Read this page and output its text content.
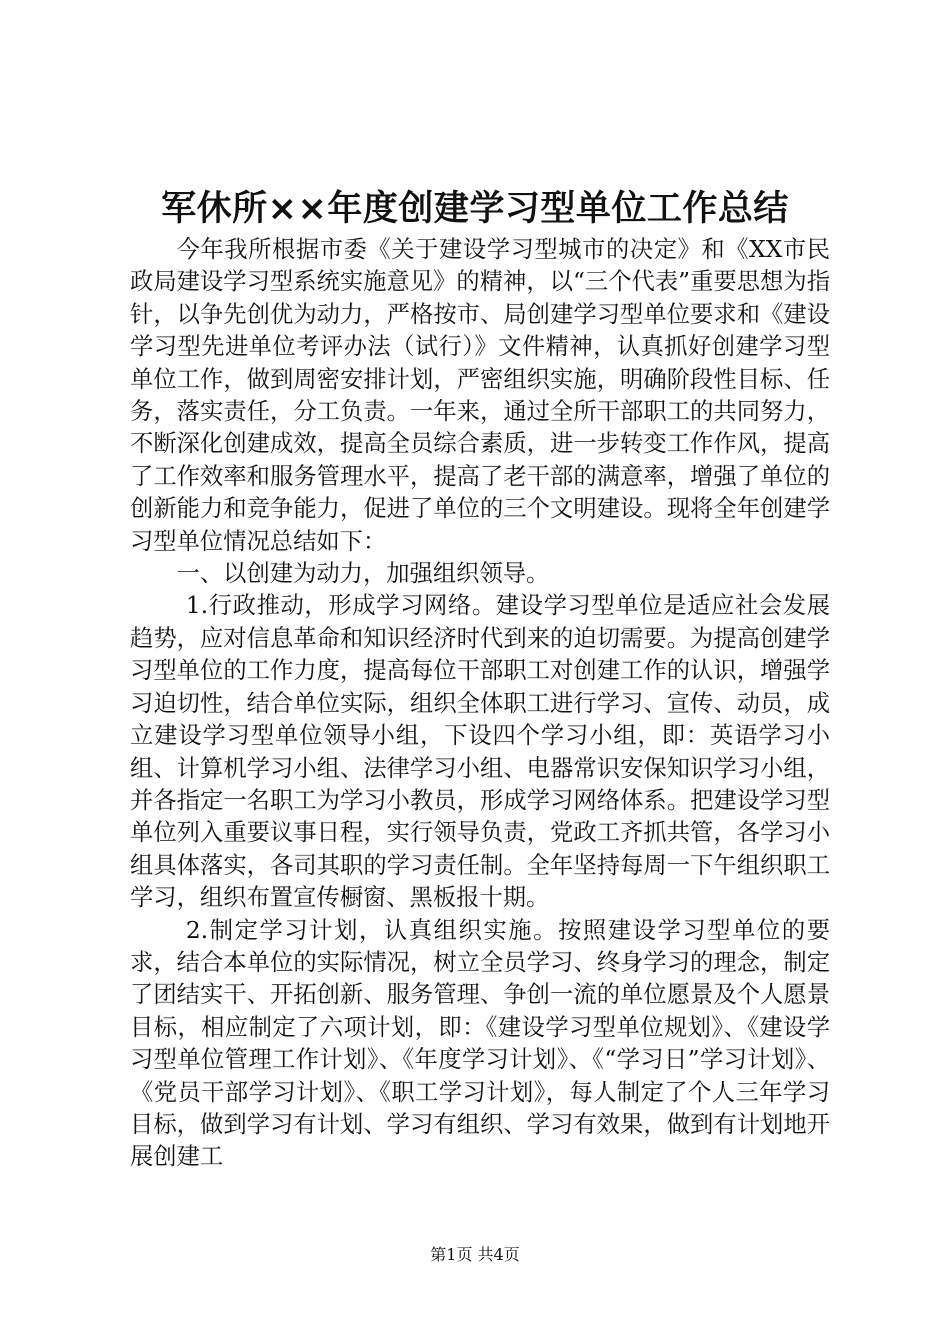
军休所××年度创建学习型单位工作总结

今年我所根据市委《关于建设学习型城市的决定》和《XX市民政局建设学习型系统实施意见》的精神，以“三个代表”重要思想为指针，以争先创优为动力，严格按市、局创建学习型单位要求和《建设学习型先进单位考评办法（试行）》文件精神，认真抓好创建学习型单位工作，做到周密安排计划，严密组织实施，明确阶段性目标、任务，落实责任，分工负责。一年来，通过全所干部职工的共同努力，不断深化创建成效，提高全员综合素质，进一步转变工作作风，提高了工作效率和服务管理水平，提高了老干部的满意率，增强了单位的创新能力和竞争能力，促进了单位的三个文明建设。现将全年创建学习型单位情况总结如下：

一、以创建为动力，加强组织领导。

1.行政推动，形成学习网络。建设学习型单位是适应社会发展趋势，应对信息革命和知识经济时代到来的迫切需要。为提高创建学习型单位的工作力度，提高每位干部职工对创建工作的认识，增强学习迫切性，结合单位实际，组织全体职工进行学习、宣传、动员，成立建设学习型单位领导小组，下设四个学习小组，即：英语学习小组、计算机学习小组、法律学习小组、电器常识安保知识学习小组，并各指定一名职工为学习小教员，形成学习网络体系。把建设学习型单位列入重要议事日程，实行领导负责，党政工齐抓共管，各学习小组具体落实，各司其职的学习责任制。全年坚持每周一下午组织职工学习，组织布置宣传橱窗、黑板报十期。

2.制定学习计划，认真组织实施。按照建设学习型单位的要求，结合本单位的实际情况，树立全员学习、终身学习的理念，制定了团结实干、开拓创新、服务管理、争创一流的单位愿景及个人愿景目标，相应制定了六项计划，即：《建设学习型单位规划》、《建设学习型单位管理工作计划》、《年度学习计划》、《“学习日”学习计划》、《党员干部学习计划》、《职工学习计划》，每人制定了个人三年学习目标，做到学习有计划、学习有组织、学习有效果，做到有计划地开展创建工

第1页 共4页
